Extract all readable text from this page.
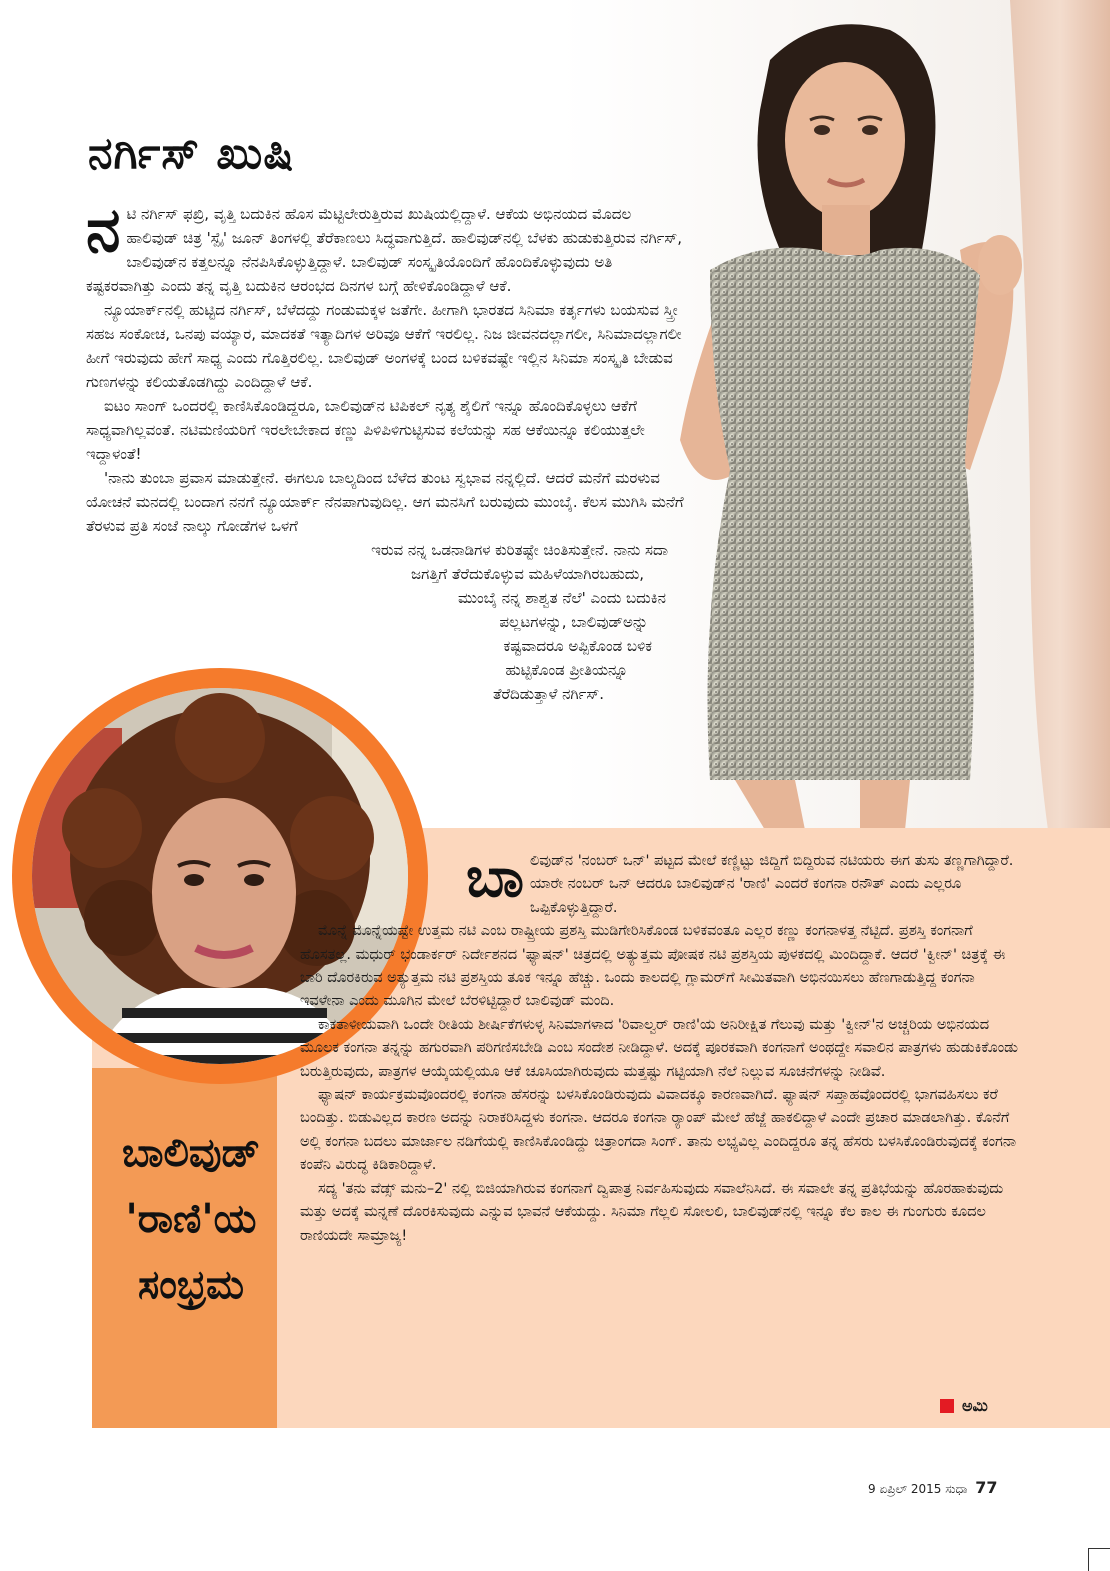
ನರ್ಗಿಸ್ ಖುಷಿ
ನ ಟಿ ನರ್ಗಿಸ್ ಫಖ್ರಿ, ವೃತ್ತಿ ಬದುಕಿನ ಹೊಸ ಮೆಟ್ಟಿಲೇರುತ್ತಿರುವ ಖುಷಿಯಲ್ಲಿದ್ದಾಳೆ. ಆಕೆಯ ಅಭಿನಯದ ಮೊದಲ ಹಾಲಿವುಡ್ ಚಿತ್ರ 'ಸ್ಪೈ' ಜೂನ್ ತಿಂಗಳಲ್ಲಿ ತೆರೆಕಾಣಲು ಸಿದ್ಧವಾಗುತ್ತಿದೆ. ಹಾಲಿವುಡ್‌ನಲ್ಲಿ ಬೆಳಕು ಹುಡುಕುತ್ತಿರುವ ನರ್ಗಿಸ್, ಬಾಲಿವುಡ್‌ನ ಕತ್ತಲನ್ನೂ ನೆನಪಿಸಿಕೊಳ್ಳುತ್ತಿದ್ದಾಳೆ. ಬಾಲಿವುಡ್ ಸಂಸ್ಕೃತಿಯೊಂದಿಗೆ ಹೊಂದಿಕೊಳ್ಳುವುದು ಅತಿ ಕಷ್ಟಕರವಾಗಿತ್ತು ಎಂದು ತನ್ನ ವೃತ್ತಿ ಬದುಕಿನ ಆರಂಭದ ದಿನಗಳ ಬಗ್ಗೆ ಹೇಳಿಕೊಂಡಿದ್ದಾಳೆ ಆಕೆ.

ನ್ಯೂಯಾರ್ಕ್‌ನಲ್ಲಿ ಹುಟ್ಟಿದ ನರ್ಗಿಸ್, ಬೆಳೆದದ್ದು ಗಂಡುಮಕ್ಕಳ ಜತೆಗೇ. ಹೀಗಾಗಿ ಭಾರತದ ಸಿನಿಮಾ ಕರ್ತೃಗಳು ಬಯಸುವ ಸ್ತ್ರೀ ಸಹಜ ಸಂಕೋಚ, ಒನಪು ವಯ್ಯಾರ, ಮಾದಕತೆ ಇತ್ಯಾದಿಗಳ ಅರಿವೂ ಆಕೆಗೆ ಇರಲಿಲ್ಲ. ನಿಜ ಜೀವನದಲ್ಲಾಗಲೀ, ಸಿನಿಮಾದಲ್ಲಾಗಲೀ ಹೀಗೆ ಇರುವುದು ಹೇಗೆ ಸಾಧ್ಯ ಎಂದು ಗೊತ್ತಿರಲಿಲ್ಲ. ಬಾಲಿವುಡ್ ಅಂಗಳಕ್ಕೆ ಬಂದ ಬಳಿಕವಷ್ಟೇ ಇಲ್ಲಿನ ಸಿನಿಮಾ ಸಂಸ್ಕೃತಿ ಬೇಡುವ ಗುಣಗಳನ್ನು ಕಲಿಯತೊಡಗಿದ್ದು ಎಂದಿದ್ದಾಳೆ ಆಕೆ.

ಐಟಂ ಸಾಂಗ್ ಒಂದರಲ್ಲಿ ಕಾಣಿಸಿಕೊಂಡಿದ್ದರೂ, ಬಾಲಿವುಡ್‌ನ ಟಿಪಿಕಲ್ ನೃತ್ಯ ಶೈಲಿಗೆ ಇನ್ನೂ ಹೊಂದಿಕೊಳ್ಳಲು ಆಕೆಗೆ ಸಾಧ್ಯವಾಗಿಲ್ಲವಂತೆ. ನಟಿಮಣಿಯರಿಗೆ ಇರಲೇಬೇಕಾದ ಕಣ್ಣು ಪಿಳಿಪಿಳಿಗುಟ್ಟಿಸುವ ಕಲೆಯನ್ನು ಸಹ ಆಕೆಯಿನ್ನೂ ಕಲಿಯುತ್ತಲೇ ಇದ್ದಾಳಂತೆ!

'ನಾನು ತುಂಬಾ ಪ್ರವಾಸ ಮಾಡುತ್ತೇನೆ. ಈಗಲೂ ಬಾಲ್ಯದಿಂದ ಬೆಳೆದ ತುಂಟ ಸ್ವಭಾವ ನನ್ನಲ್ಲಿದೆ. ಆದರೆ ಮನೆಗೆ ಮರಳುವ ಯೋಚನೆ ಮನದಲ್ಲಿ ಬಂದಾಗ ನನಗೆ ನ್ಯೂಯಾರ್ಕ್ ನೆನಪಾಗುವುದಿಲ್ಲ. ಆಗ ಮನಸಿಗೆ ಬರುವುದು ಮುಂಬೈ. ಕೆಲಸ ಮುಗಿಸಿ ಮನೆಗೆ ತೆರಳುವ ಪ್ರತಿ ಸಂಜೆ ನಾಲ್ಕು ಗೋಡೆಗಳ ಒಳಗೆ

ಇರುವ ನನ್ನ ಒಡನಾಡಿಗಳ ಕುರಿತಷ್ಟೇ ಚಿಂತಿಸುತ್ತೇನೆ. ನಾನು ಸದಾ
ಜಗತ್ತಿಗೆ ತೆರೆದುಕೊಳ್ಳುವ ಮಹಿಳೆಯಾಗಿರಬಹುದು,
ಮುಂಬೈ ನನ್ನ ಶಾಶ್ವತ ನೆಲೆ' ಎಂದು ಬದುಕಿನ
ಪಲ್ಲಟಗಳನ್ನು, ಬಾಲಿವುಡ್‌ಅನ್ನು
ಕಷ್ಟವಾದರೂ ಅಪ್ಪಿಕೊಂಡ ಬಳಿಕ
ಹುಟ್ಟಿಕೊಂಡ ಪ್ರೀತಿಯನ್ನೂ
ತೆರೆದಿಡುತ್ತಾಳೆ ನರ್ಗಿಸ್.
ಬಾಲಿವುಡ್
'ರಾಣಿ'ಯ
ಸಂಭ್ರಮ
ಬಾ ಲಿವುಡ್‌ನ 'ನಂಬರ್ ಒನ್' ಪಟ್ಟದ ಮೇಲೆ ಕಣ್ಣಿಟ್ಟು ಜಿದ್ದಿಗೆ ಬಿದ್ದಿರುವ ನಟಿಯರು ಈಗ ತುಸು ತಣ್ಣಗಾಗಿದ್ದಾರೆ. ಯಾರೇ ನಂಬರ್ ಒನ್ ಆದರೂ ಬಾಲಿವುಡ್‌ನ 'ರಾಣಿ' ಎಂದರೆ ಕಂಗನಾ ರನೌತ್ ಎಂದು ಎಲ್ಲರೂ ಒಪ್ಪಿಕೊಳ್ಳುತ್ತಿದ್ದಾರೆ.

ಮೊನ್ನೆ ಮೊನ್ನೆಯಷ್ಟೇ ಉತ್ತಮ ನಟಿ ಎಂಬ ರಾಷ್ಟ್ರೀಯ ಪ್ರಶಸ್ತಿ ಮುಡಿಗೇರಿಸಿಕೊಂಡ ಬಳಿಕವಂತೂ ಎಲ್ಲರ ಕಣ್ಣು ಕಂಗನಾಳತ್ತ ನೆಟ್ಟಿದೆ. ಪ್ರಶಸ್ತಿ ಕಂಗನಾಗೆ ಹೊಸತಲ್ಲ. ಮಧುರ್ ಭಂಡಾರ್ಕರ್ ನಿರ್ದೇಶನದ 'ಫ್ಯಾಷನ್' ಚಿತ್ರದಲ್ಲಿ ಅತ್ಯುತ್ತಮ ಪೋಷಕ ನಟಿ ಪ್ರಶಸ್ತಿಯ ಪುಳಕದಲ್ಲಿ ಮಿಂದಿದ್ದಾಕೆ. ಆದರೆ 'ಕ್ವೀನ್' ಚಿತ್ರಕ್ಕೆ ಈ ಬಾರಿ ದೊರಕಿರುವ ಅತ್ಯುತ್ತಮ ನಟಿ ಪ್ರಶಸ್ತಿಯ ತೂಕ ಇನ್ನೂ ಹೆಚ್ಚು. ಒಂದು ಕಾಲದಲ್ಲಿ ಗ್ಲಾಮರ್‌ಗೆ ಸೀಮಿತವಾಗಿ ಅಭಿನಯಿಸಲು ಹೆಣಗಾಡುತ್ತಿದ್ದ ಕಂಗನಾ ಇವಳೇನಾ ಎಂದು ಮೂಗಿನ ಮೇಲೆ ಬೆರಳಿಟ್ಟಿದ್ದಾರೆ ಬಾಲಿವುಡ್ ಮಂದಿ.

ಕಾಕತಾಳೀಯವಾಗಿ ಒಂದೇ ರೀತಿಯ ಶೀರ್ಷಿಕೆಗಳುಳ್ಳ ಸಿನಿಮಾಗಳಾದ 'ರಿವಾಲ್ವರ್ ರಾಣಿ'ಯ ಅನಿರೀಕ್ಷಿತ ಗೆಲುವು ಮತ್ತು 'ಕ್ವೀನ್'ನ ಅಚ್ಚರಿಯ ಅಭಿನಯದ ಮೂಲಕ ಕಂಗನಾ ತನ್ನನ್ನು ಹಗುರವಾಗಿ ಪರಿಗಣಿಸಬೇಡಿ ಎಂಬ ಸಂದೇಶ ನೀಡಿದ್ದಾಳೆ. ಅದಕ್ಕೆ ಪೂರಕವಾಗಿ ಕಂಗನಾಗೆ ಅಂಥದ್ದೇ ಸವಾಲಿನ ಪಾತ್ರಗಳು ಹುಡುಕಿಕೊಂಡು ಬರುತ್ತಿರುವುದು, ಪಾತ್ರಗಳ ಆಯ್ಕೆಯಲ್ಲಿಯೂ ಆಕೆ ಚೂಸಿಯಾಗಿರುವುದು ಮತ್ತಷ್ಟು ಗಟ್ಟಿಯಾಗಿ ನೆಲೆ ನಿಲ್ಲುವ ಸೂಚನೆಗಳನ್ನು ನೀಡಿವೆ.

ಫ್ಯಾಷನ್ ಕಾರ್ಯಕ್ರಮವೊಂದರಲ್ಲಿ ಕಂಗನಾ ಹೆಸರನ್ನು ಬಳಸಿಕೊಂಡಿರುವುದು ವಿವಾದಕ್ಕೂ ಕಾರಣವಾಗಿದೆ. ಫ್ಯಾಷನ್ ಸಪ್ತಾಹವೊಂದರಲ್ಲಿ ಭಾಗವಹಿಸಲು ಕರೆ ಬಂದಿತ್ತು. ಬಿಡುವಿಲ್ಲದ ಕಾರಣ ಅದನ್ನು ನಿರಾಕರಿಸಿದ್ದಳು ಕಂಗನಾ. ಆದರೂ ಕಂಗನಾ ರ‍್ಯಾಂಪ್ ಮೇಲೆ ಹೆಜ್ಜೆ ಹಾಕಲಿದ್ದಾಳೆ ಎಂದೇ ಪ್ರಚಾರ ಮಾಡಲಾಗಿತ್ತು. ಕೊನೆಗೆ ಅಲ್ಲಿ ಕಂಗನಾ ಬದಲು ಮಾರ್ಜಾಲ ನಡಿಗೆಯಲ್ಲಿ ಕಾಣಿಸಿಕೊಂಡಿದ್ದು ಚಿತ್ರಾಂಗದಾ ಸಿಂಗ್. ತಾನು ಲಭ್ಯವಿಲ್ಲ ಎಂದಿದ್ದರೂ ತನ್ನ ಹೆಸರು ಬಳಸಿಕೊಂಡಿರುವುದಕ್ಕೆ ಕಂಗನಾ ಕಂಪೆನಿ ವಿರುದ್ಧ ಕಿಡಿಕಾರಿದ್ದಾಳೆ.

ಸದ್ಯ 'ತನು ವೆಡ್ಸ್ ಮನು–2' ನಲ್ಲಿ ಬಿಜಿಯಾಗಿರುವ ಕಂಗನಾಗೆ ದ್ವಿಪಾತ್ರ ನಿರ್ವಹಿಸುವುದು ಸವಾಲೆನಿಸಿದೆ. ಈ ಸವಾಲೇ ತನ್ನ ಪ್ರತಿಭೆಯನ್ನು ಹೊರಹಾಕುವುದು ಮತ್ತು ಅದಕ್ಕೆ ಮನ್ನಣೆ ದೊರಕಿಸುವುದು ಎನ್ನುವ ಭಾವನೆ ಆಕೆಯದ್ದು. ಸಿನಿಮಾ ಗೆಲ್ಲಲಿ ಸೋಲಲಿ, ಬಾಲಿವುಡ್‌ನಲ್ಲಿ ಇನ್ನೂ ಕೆಲ ಕಾಲ ಈ ಗುಂಗುರು ಕೂದಲ ರಾಣಿಯದೇ ಸಾಮ್ರಾಜ್ಯ!

ಅಮಿ
9 ಏಪ್ರಿಲ್ 2015 ಸುಧಾ 77
